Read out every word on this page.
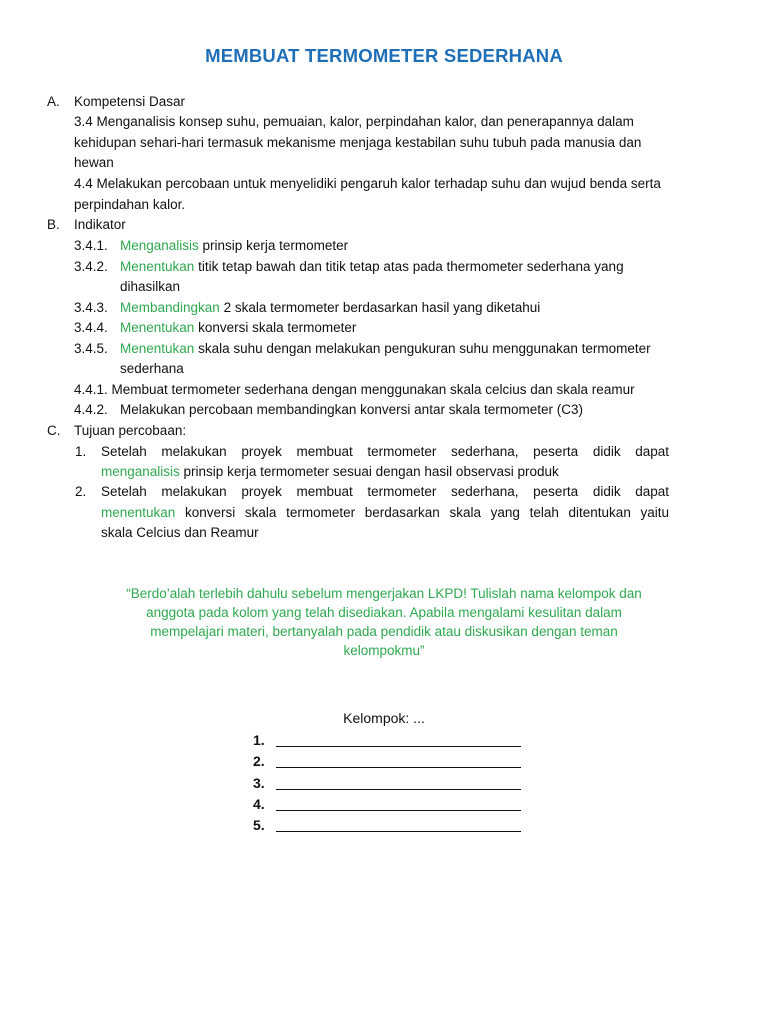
MEMBUAT TERMOMETER SEDERHANA
A. Kompetensi Dasar
3.4 Menganalisis konsep suhu, pemuaian, kalor, perpindahan kalor, dan penerapannya dalam
kehidupan sehari-hari termasuk mekanisme menjaga kestabilan suhu tubuh pada manusia dan
hewan
4.4 Melakukan percobaan untuk menyelidiki pengaruh kalor terhadap suhu dan wujud benda serta
perpindahan kalor.
B. Indikator
3.4.1. Menganalisis prinsip kerja termometer
3.4.2. Menentukan titik tetap bawah dan titik tetap atas pada thermometer sederhana yang
dihasilkan
3.4.3. Membandingkan 2 skala termometer berdasarkan hasil yang diketahui
3.4.4. Menentukan konversi skala termometer
3.4.5. Menentukan skala suhu dengan melakukan pengukuran suhu menggunakan termometer
sederhana
4.4.1. Membuat termometer sederhana dengan menggunakan skala celcius dan skala reamur
4.4.2. Melakukan percobaan membandingkan konversi antar skala termometer (C3)
C. Tujuan percobaan:
1. Setelah melakukan proyek membuat termometer sederhana, peserta didik dapat
menganalisis prinsip kerja termometer sesuai dengan hasil observasi produk
2. Setelah melakukan proyek membuat termometer sederhana, peserta didik dapat
menentukan konversi skala termometer berdasarkan skala yang telah ditentukan yaitu
skala Celcius dan Reamur
“Berdo’alah terlebih dahulu sebelum mengerjakan LKPD! Tulislah nama kelompok dan
anggota pada kolom yang telah disediakan. Apabila mengalami kesulitan dalam
mempelajari materi, bertanyalah pada pendidik atau diskusikan dengan teman
kelompokmu”
Kelompok: ...
1.
2.
3.
4.
5.
